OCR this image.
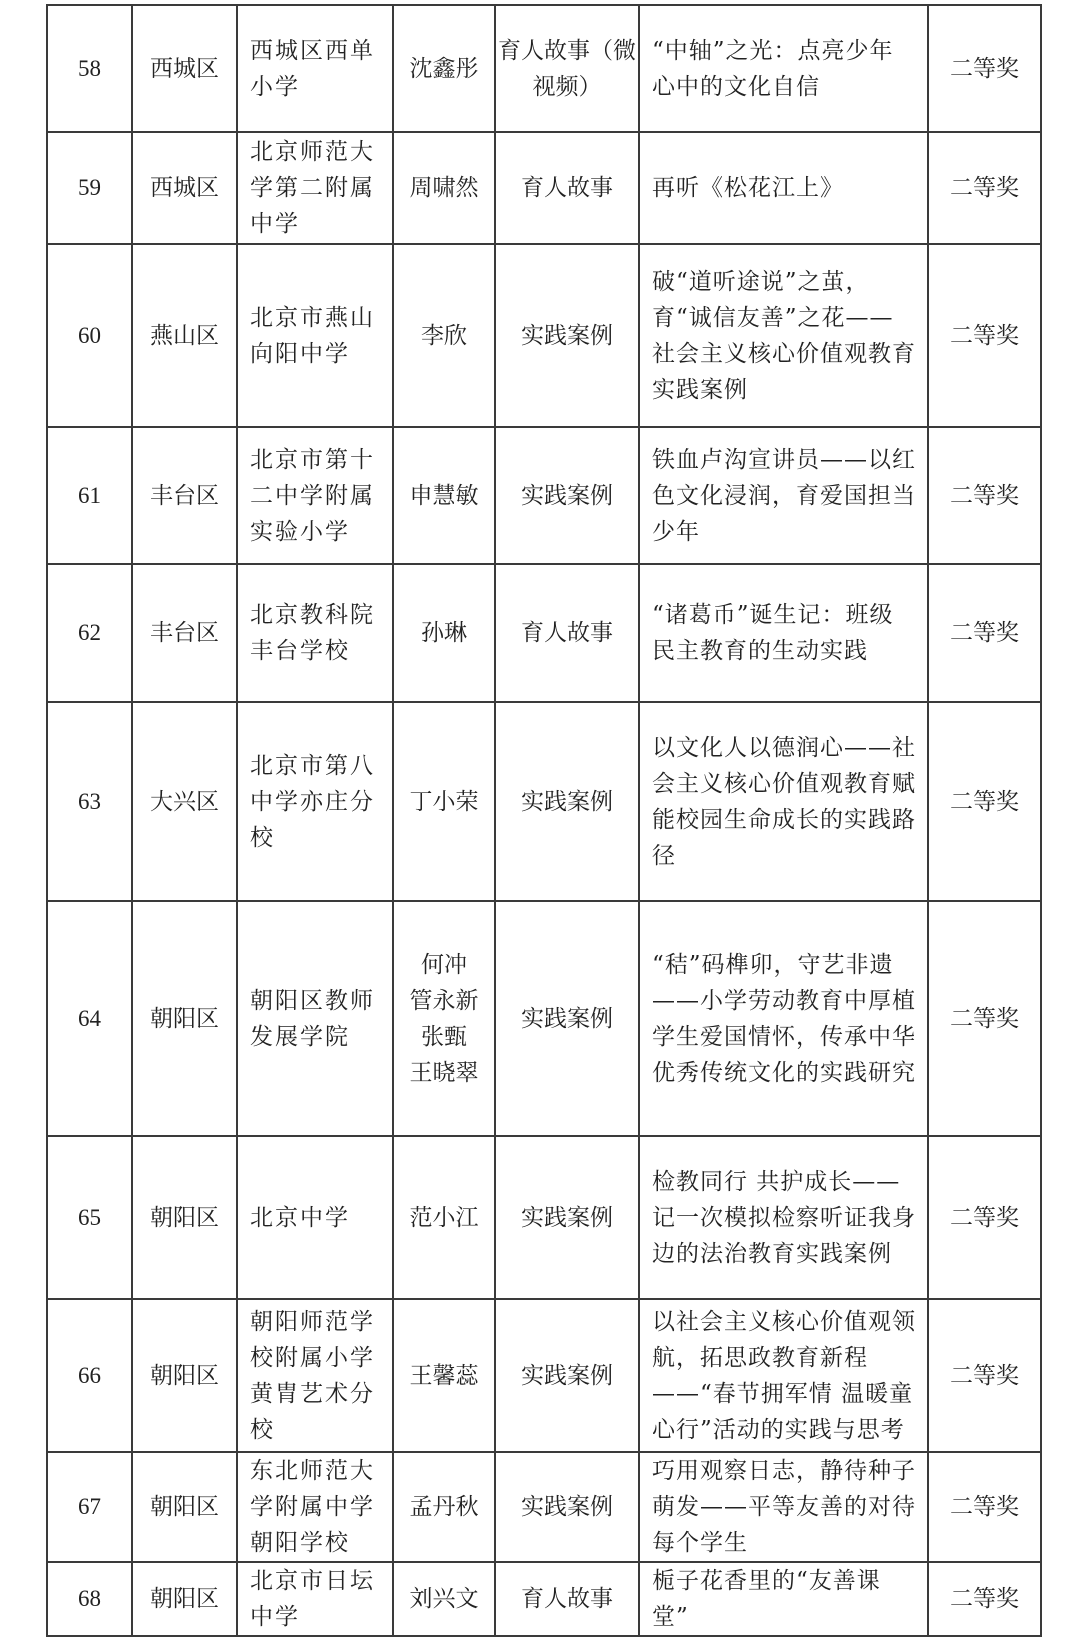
58	西城区	西城区西单小学	沈鑫彤	育人故事（微视频）	“中轴”之光：点亮少年心中的文化自信	二等奖
59	西城区	北京师范大学第二附属中学	周啸然	育人故事	再听《松花江上》	二等奖
60	燕山区	北京市燕山向阳中学	李欣	实践案例	破“道听途说”之茧，育“诚信友善”之花——社会主义核心价值观教育实践案例	二等奖
61	丰台区	北京市第十二中学附属实验小学	申慧敏	实践案例	铁血卢沟宣讲员——以红色文化浸润，育爱国担当少年	二等奖
62	丰台区	北京教科院丰台学校	孙琳	育人故事	“诸葛币”诞生记：班级民主教育的生动实践	二等奖
63	大兴区	北京市第八中学亦庄分校	丁小荣	实践案例	以文化人以德润心——社会主义核心价值观教育赋能校园生命成长的实践路径	二等奖
64	朝阳区	朝阳区教师发展学院	何冲
管永新
张甄
王晓翠	实践案例	“秸”码榫卯，守艺非遗——小学劳动教育中厚植学生爱国情怀，传承中华优秀传统文化的实践研究	二等奖
65	朝阳区	北京中学	范小江	实践案例	检教同行 共护成长——记一次模拟检察听证我身边的法治教育实践案例	二等奖
66	朝阳区	朝阳师范学校附属小学黄胄艺术分校	王馨蕊	实践案例	以社会主义核心价值观领航，拓思政教育新程——“春节拥军情 温暖童心行”活动的实践与思考	二等奖
67	朝阳区	东北师范大学附属中学朝阳学校	孟丹秋	实践案例	巧用观察日志，静待种子萌发——平等友善的对待每个学生	二等奖
68	朝阳区	北京市日坛中学	刘兴文	育人故事	栀子花香里的“友善课堂”	二等奖
